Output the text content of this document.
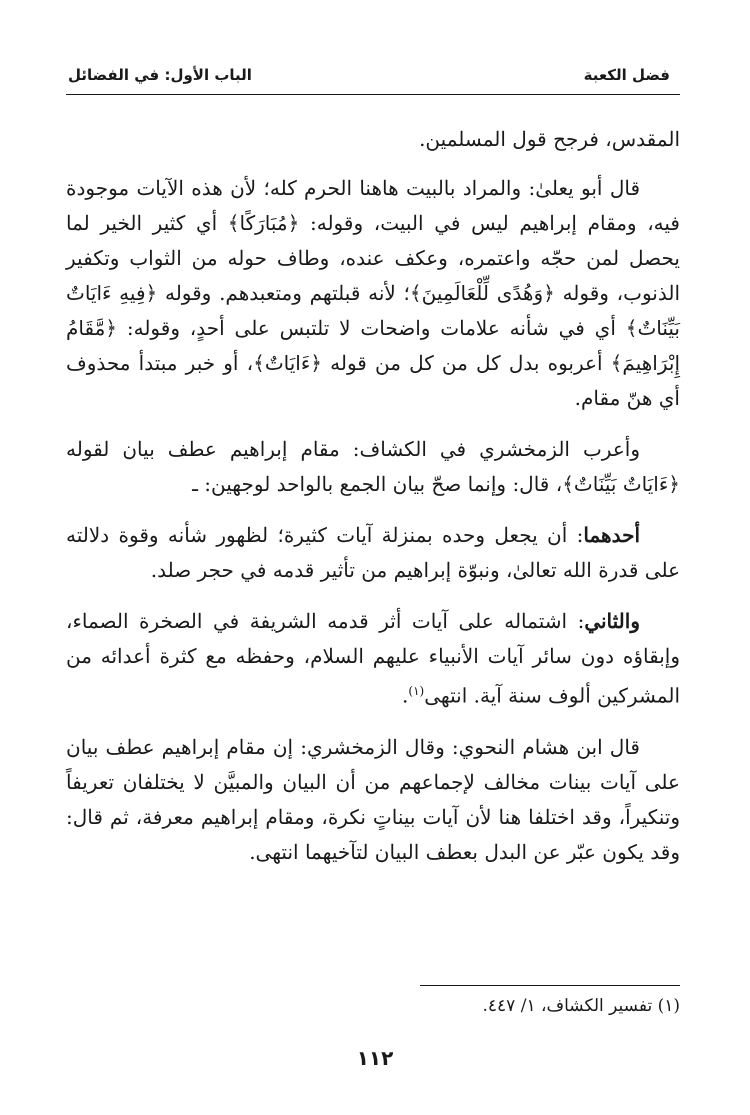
فضل الكعبة
الباب الأول: في الفضائل

المقدس، فرجح قول المسلمين.

قال أبو يعلىٰ: والمراد بالبيت هاهنا الحرم كله؛ لأن هذه الآيات موجودة فيه، ومقام إبراهيم ليس في البيت، وقوله: ﴿مُبَارَكًا﴾ أي كثير الخير لما يحصل لمن حجّه واعتمره، وعكف عنده، وطاف حوله من الثواب وتكفير الذنوب، وقوله ﴿وَهُدًى لِّلْعَالَمِينَ﴾؛ لأنه قبلتهم ومتعبدهم. وقوله ﴿فِيهِ ءَايَاتٌ بَيِّنَاتٌ﴾ أي في شأنه علامات واضحات لا تلتبس على أحدٍ، وقوله: ﴿مَّقَامُ إِبْرَاهِيمَ﴾ أعربوه بدل كل من كل من قوله ﴿ءَايَاتٌ﴾، أو خبر مبتدأ محذوف أي هنّ مقام.

وأعرب الزمخشري في الكشاف: مقام إبراهيم عطف بيان لقوله ﴿ءَايَاتٌ بَيِّنَاتٌ﴾، قال: وإنما صحّ بيان الجمع بالواحد لوجهين: ـ

أحدهما: أن يجعل وحده بمنزلة آيات كثيرة؛ لظهور شأنه وقوة دلالته على قدرة الله تعالىٰ، ونبوّة إبراهيم من تأثير قدمه في حجر صلد.

والثاني: اشتماله على آيات أثر قدمه الشريفة في الصخرة الصماء، وإبقاؤه دون سائر آيات الأنبياء عليهم السلام، وحفظه مع كثرة أعدائه من المشركين ألوف سنة آية. انتهى$^{(١)}$.

قال ابن هشام النحوي: وقال الزمخشري: إن مقام إبراهيم عطف بيان على آيات بينات مخالف لإجماعهم من أن البيان والمبيَّن لا يختلفان تعريفاً وتنكيراً، وقد اختلفا هنا لأن آيات بيناتٍ نكرة، ومقام إبراهيم معرفة، ثم قال: وقد يكون عبّر عن البدل بعطف البيان لتآخيهما انتهى.

(١) تفسير الكشاف، ١/ ٤٤٧.
١١٢
